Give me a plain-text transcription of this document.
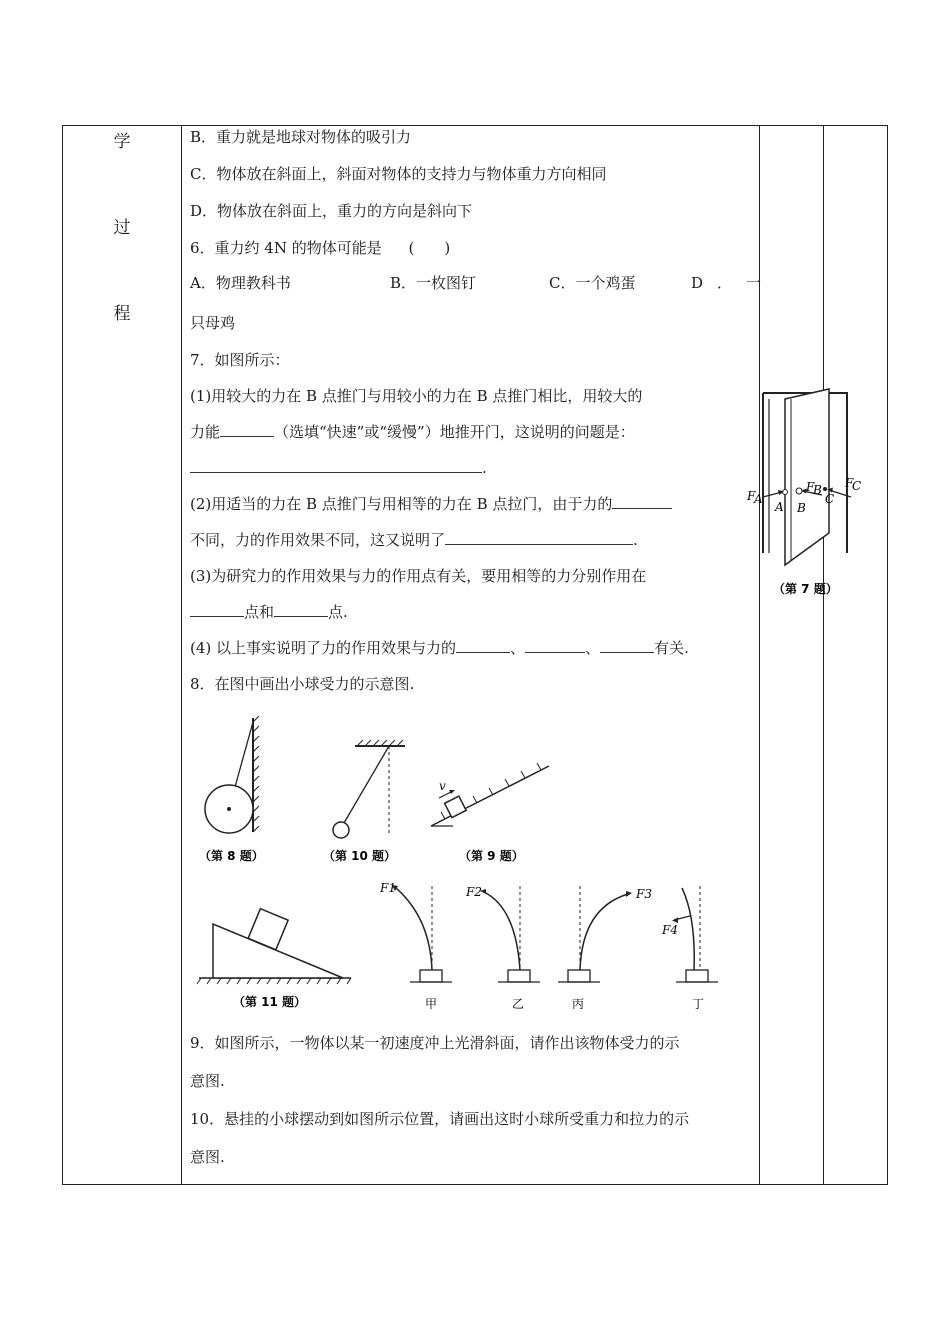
学
过
程
B．重力就是地球对物体的吸引力
C．物体放在斜面上，斜面对物体的支持力与物体重力方向相同
D．物体放在斜面上，重力的方向是斜向下
6．重力约 4N 的物体可能是 (　　)
A．物理教科书	B．一枚图钉	C．一个鸡蛋	D．一
只母鸡
7．如图所示：
(1)用较大的力在 B 点推门与用较小的力在 B 点推门相比，用较大的
力能	（选填“快速”或“缓慢”）地推开门，这说明的问题是：
.
(2)用适当的力在 B 点推门与用相等的力在 B 点拉门，由于力的
不同，力的作用效果不同，这又说明了	.
(3)为研究力的作用效果与力的作用点有关，要用相等的力分别作用在
点和	点.
(4) 以上事实说明了力的作用效果与力的	、	、	有关.
8．在图中画出小球受力的示意图.
F
A
A
F
B
B
C
F
C
（第 7 题）
（第 8 题）	（第 10 题）
v
（第 9 题）
（第 11 题）
F1
甲
F2
乙
F3
丙
F4
丁
9．如图所示，一物体以某一初速度冲上光滑斜面，请作出该物体受力的示
意图.
10．悬挂的小球摆动到如图所示位置，请画出这时小球所受重力和拉力的示
意图.
